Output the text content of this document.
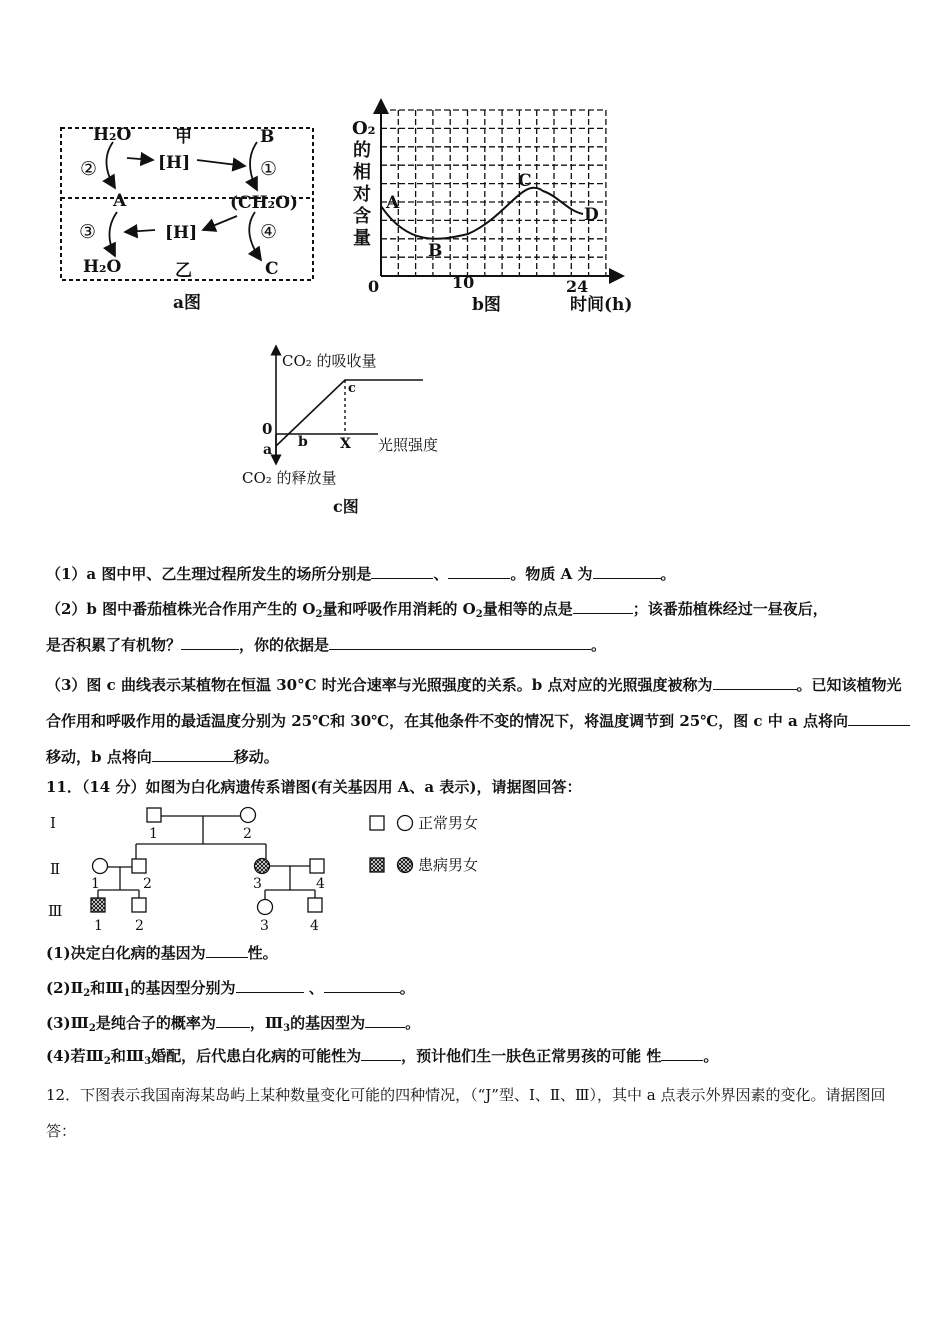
H₂O	甲	B
②	[H]	①
A	(CH₂O)
③	[H]	④
H₂O	乙	C
a图
O₂
的
相
对
含
量
A
B
C
D
0	10	24
b图	时间(h)
CO₂ 的吸收量
CO₂ 的释放量
光照强度
0
a b X
c
c图
（1）a 图中甲、乙生理过程所发生的场所分别是	、	。物质 A 为	。
（2）b 图中番茄植株光合作用产生的 $O_2$量和呼吸作用消耗的 $O_2$量相等的点是	；该番茄植株经过一昼夜后，
是否积累了有机物？	，你的依据是	。
（3）图 c 曲线表示某植物在恒温 30°C 时光合速率与光照强度的关系。b 点对应的光照强度被称为	。已知该植物光合作用和呼吸作用的最适温度分别为 25℃和 30℃，在其他条件不变的情况下，将温度调节到 25℃，图 c 中 a 点将向移动，b 点将向	移动。
11．（14 分）如图为白化病遗传系谱图(有关基因用 A、a 表示)，请据图回答：
Ⅰ
Ⅱ
Ⅲ
1	2
1	2	3	4
1 2	3	4
正常男女
患病男女
(1)决定白化病的基因为	性。
$(2)Ⅱ_2$和$Ⅲ_1$的基因型分别为	、	。
$(3)Ⅲ_2$是纯合子的概率为 ，$Ⅲ_3$的基因型为	。
(4)若$Ⅲ_2$和$Ⅲ_3$婚配，后代患白化病的可能性为	，预计他们生一肤色正常男孩的可能 性	。
12．下图表示我国南海某岛屿上某种数量变化可能的四种情况，（“J”型、Ⅰ、Ⅱ、Ⅲ），其中 a 点表示外界因素的变化。请据图回答：
